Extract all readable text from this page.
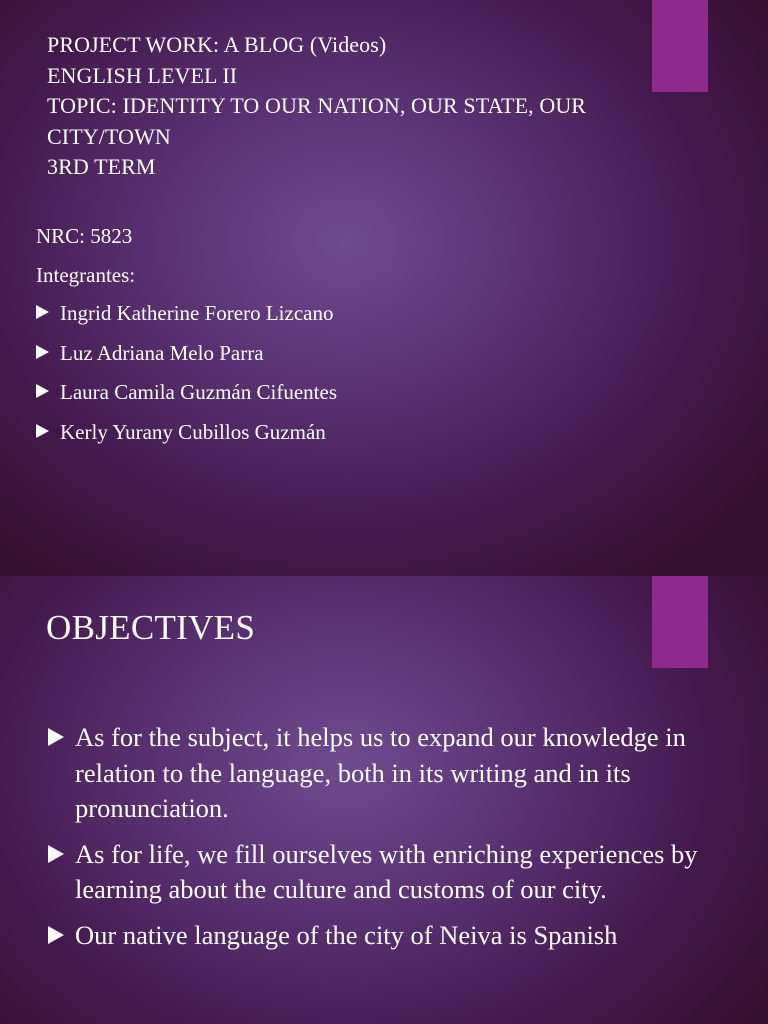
PROJECT WORK: A BLOG (Videos)
ENGLISH LEVEL II
TOPIC: IDENTITY TO OUR NATION, OUR STATE, OUR CITY/TOWN
3RD TERM
NRC: 5823
Integrantes:
Ingrid Katherine Forero Lizcano
Luz Adriana Melo Parra
Laura Camila Guzmán Cifuentes
Kerly Yurany Cubillos Guzmán
OBJECTIVES
As for the subject, it helps us to expand our knowledge in relation to the language, both in its writing and in its pronunciation.
As for life, we fill ourselves with enriching experiences by learning about the culture and customs of our city.
Our native language of the city of Neiva is Spanish
